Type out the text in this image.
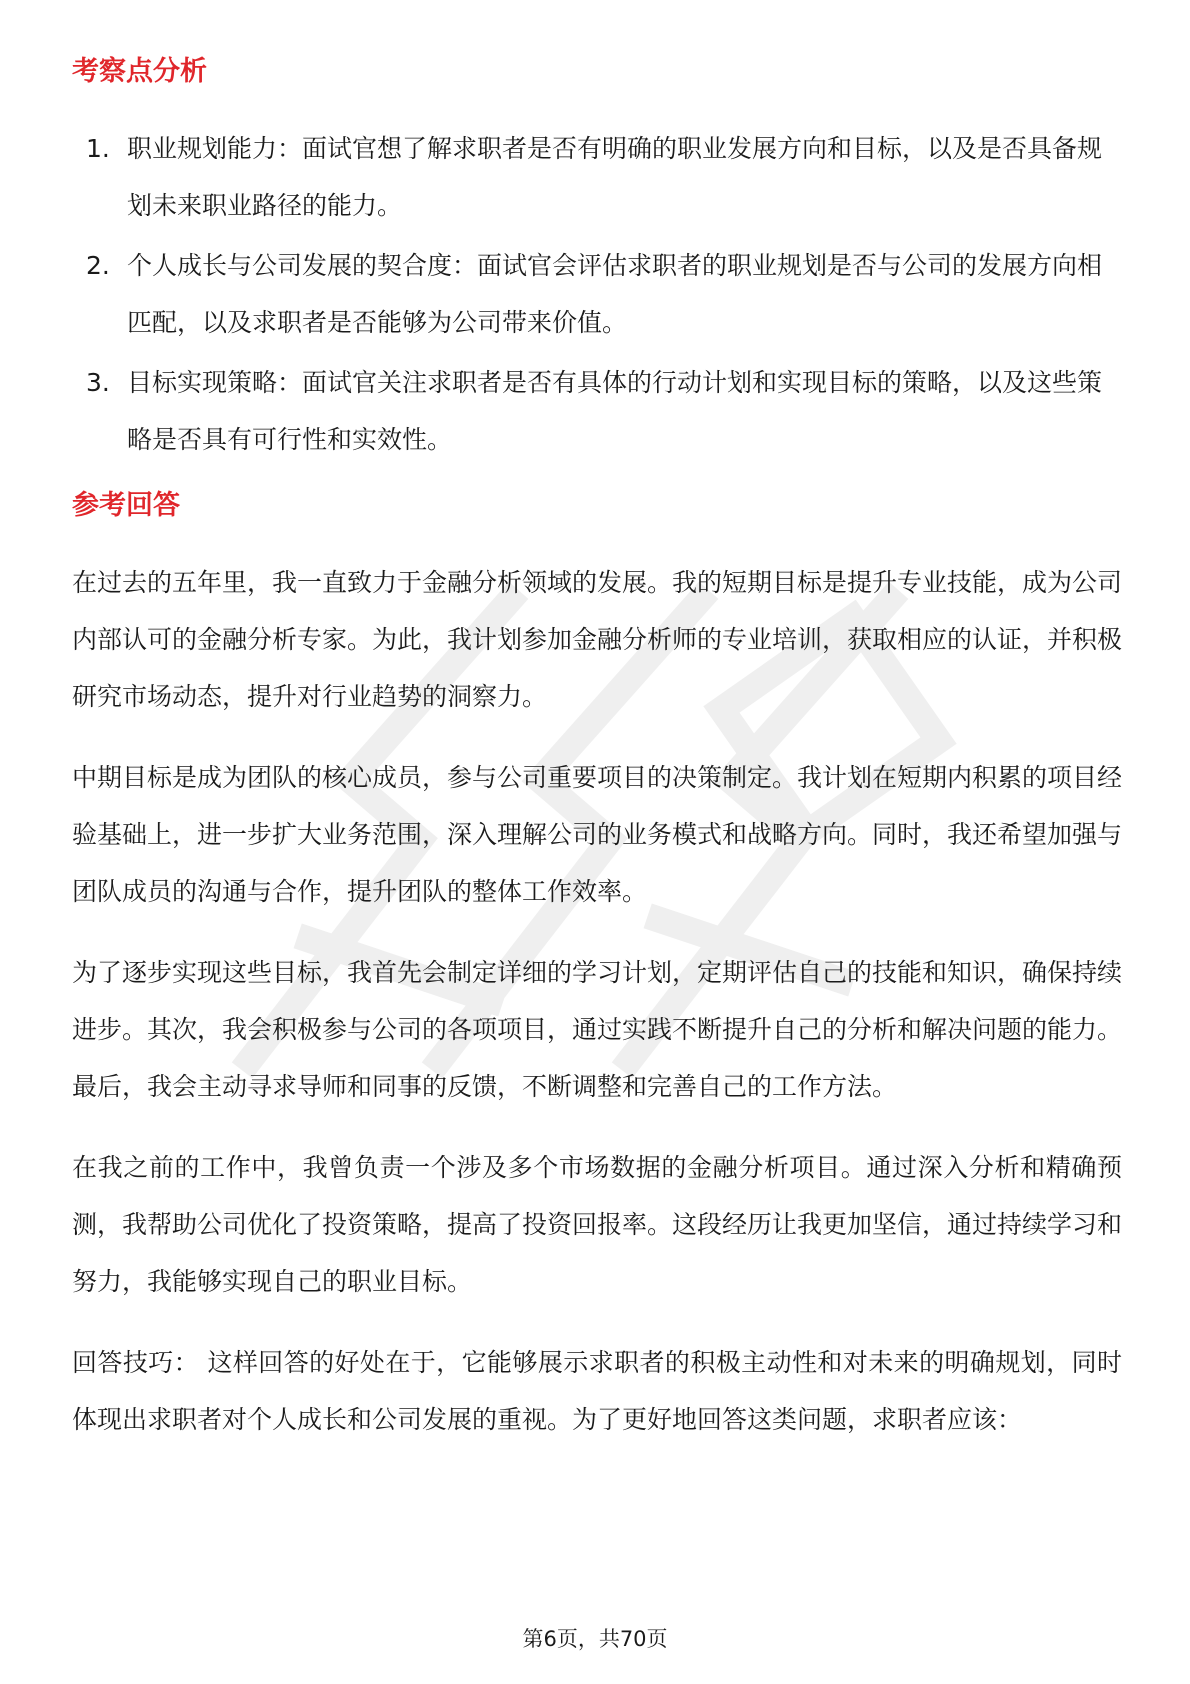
考察点分析
1. 职业规划能力：面试官想了解求职者是否有明确的职业发展方向和目标，以及是否具备规划未来职业路径的能力。
2. 个人成长与公司发展的契合度：面试官会评估求职者的职业规划是否与公司的发展方向相匹配，以及求职者是否能够为公司带来价值。
3. 目标实现策略：面试官关注求职者是否有具体的行动计划和实现目标的策略，以及这些策略是否具有可行性和实效性。
参考回答

在过去的五年里，我一直致力于金融分析领域的发展。我的短期目标是提升专业技能，成为公司内部认可的金融分析专家。为此，我计划参加金融分析师的专业培训，获取相应的认证，并积极研究市场动态，提升对行业趋势的洞察力。

中期目标是成为团队的核心成员，参与公司重要项目的决策制定。我计划在短期内积累的项目经验基础上，进一步扩大业务范围，深入理解公司的业务模式和战略方向。同时，我还希望加强与团队成员的沟通与合作，提升团队的整体工作效率。

为了逐步实现这些目标，我首先会制定详细的学习计划，定期评估自己的技能和知识，确保持续进步。其次，我会积极参与公司的各项项目，通过实践不断提升自己的分析和解决问题的能力。最后，我会主动寻求导师和同事的反馈，不断调整和完善自己的工作方法。

在我之前的工作中，我曾负责一个涉及多个市场数据的金融分析项目。通过深入分析和精确预测，我帮助公司优化了投资策略，提高了投资回报率。这段经历让我更加坚信，通过持续学习和努力，我能够实现自己的职业目标。

回答技巧： 这样回答的好处在于，它能够展示求职者的积极主动性和对未来的明确规划，同时体现出求职者对个人成长和公司发展的重视。为了更好地回答这类问题，求职者应该：

第6页，共70页
